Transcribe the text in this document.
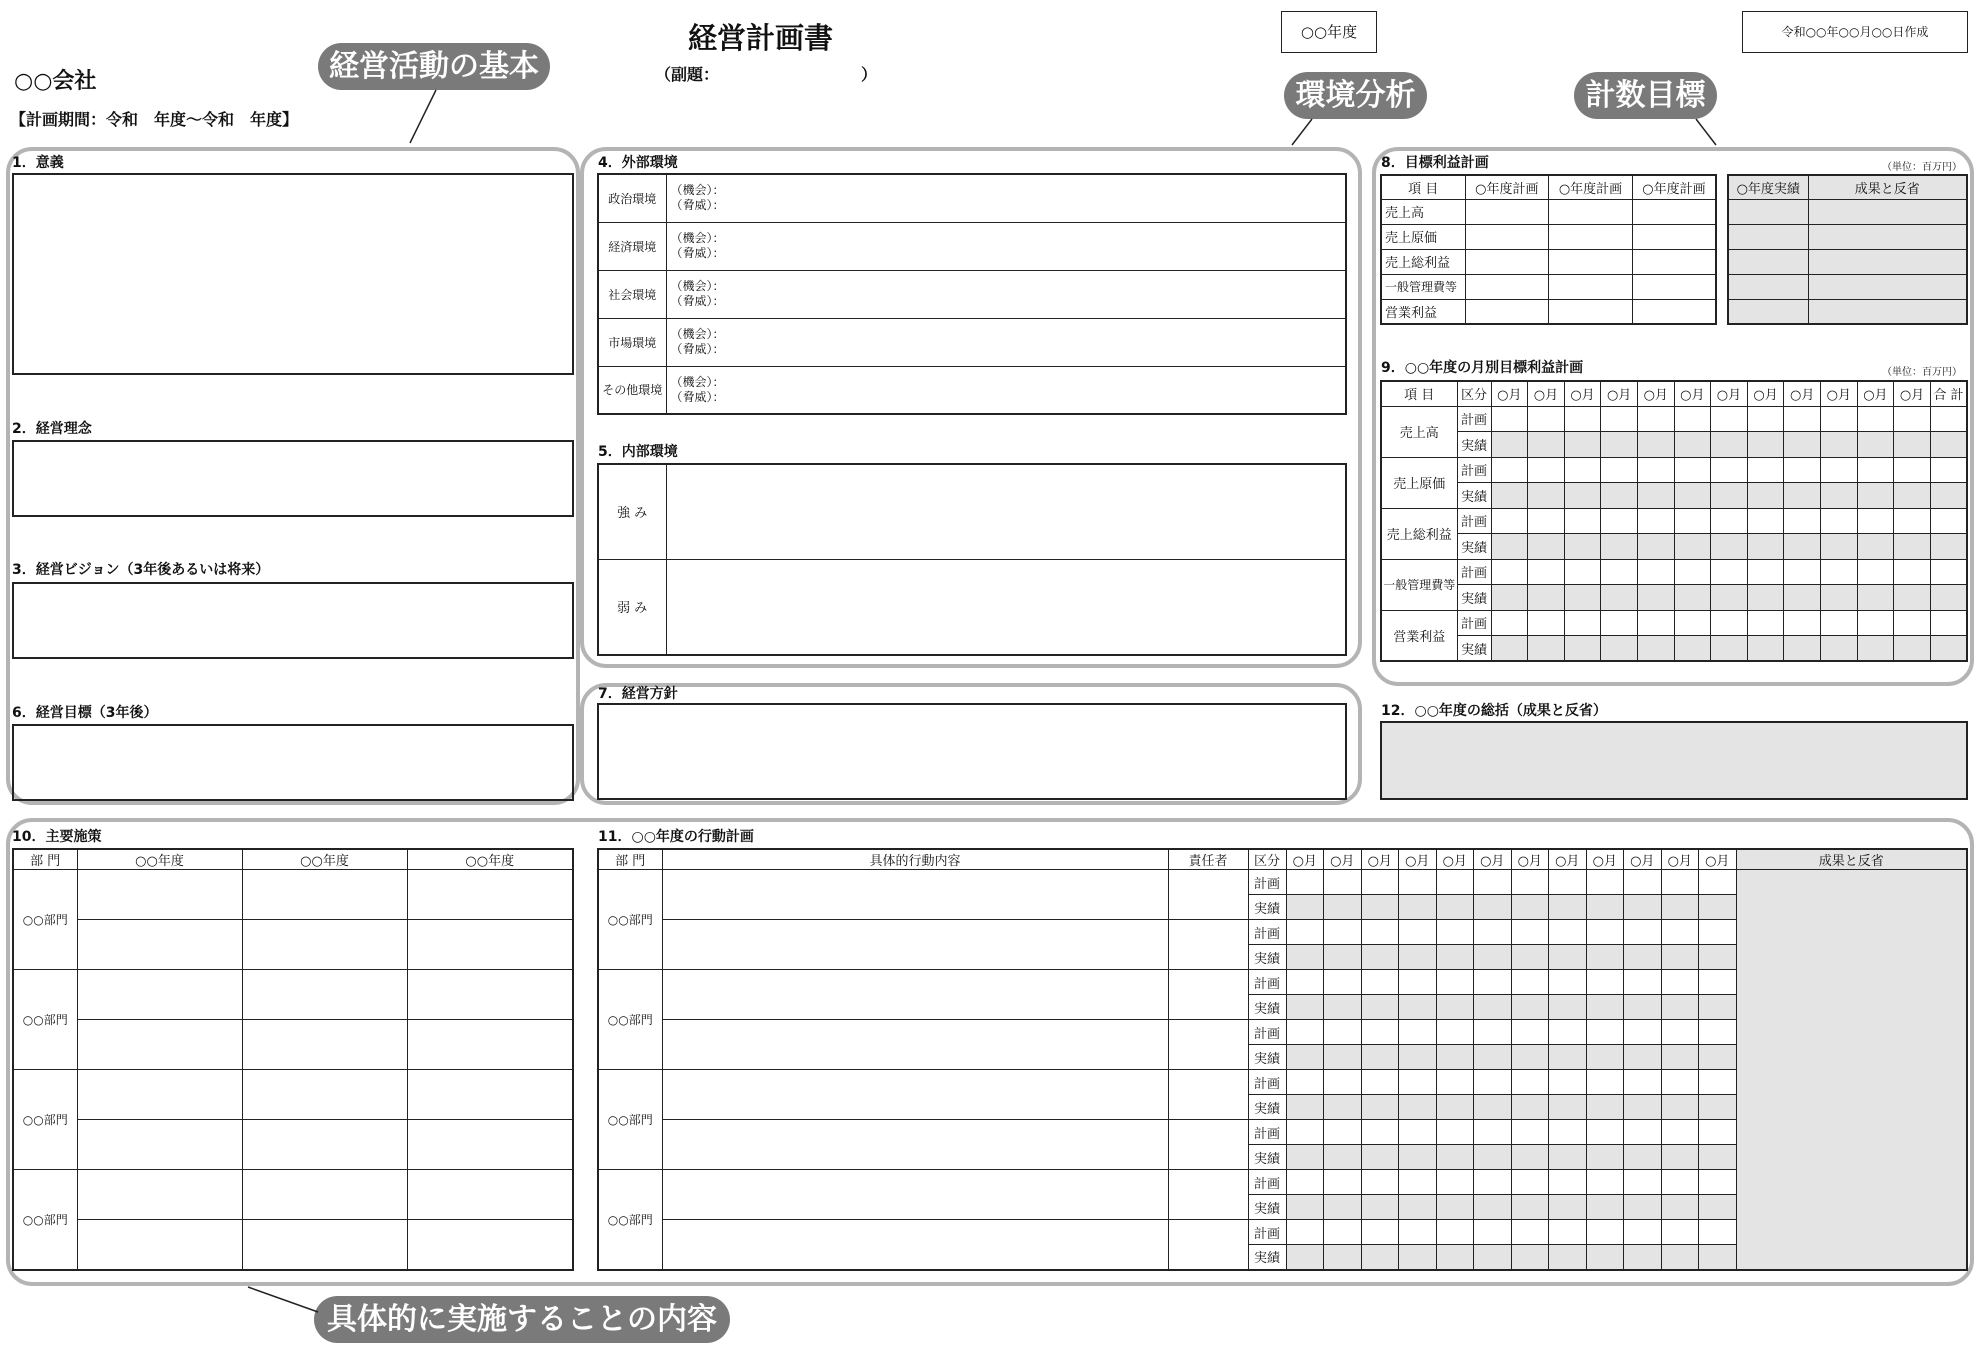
経営計画書
（副題：	）
○○会社
【計画期間：令和　年度～令和　年度】
○○年度	令和○○年○○月○○日作成
経営活動の基本
環境分析	計数目標
具体的に実施することの内容
1．意義
2．経営理念
3．経営ビジョン（3年後あるいは将来）
6．経営目標（3年後）
4．外部環境
政治環境	（機会）：
（脅威）：

経済環境	（機会）：
（脅威）：

社会環境	（機会）：
（脅威）：

市場環境	（機会）：
（脅威）：

その他環境	（機会）：
（脅威）：
5．内部環境
強 み	
弱 み	
7．経営方針
8．目標利益計画	（単位：百万円）
項 目	○年度計画	○年度計画	○年度計画
売上高			
売上原価			
売上総利益			
一般管理費等			
営業利益			
○年度実績	成果と反省

9．○○年度の月別目標利益計画	（単位：百万円）
項 目	区分	○月	○月	○月	○月	○月	○月	○月	○月	○月	○月	○月	○月	合 計
売上高	計画													
	実績													
売上原価	計画													
	実績													
売上総利益	計画													
	実績													
一般管理費等	計画													
	実績													
営業利益	計画													
	実績													
12．○○年度の総括（成果と反省）
10．主要施策
部 門	○○年度	○○年度	○○年度
○○部門			

○○部門			

○○部門			

○○部門			

11．○○年度の行動計画
部 門	具体的行動内容	責任者	区分	○月	○月	○月	○月	○月	○月	○月	○月	○月	○月	○月	○月	成果と反省
○○部門			計画													
			実績													
			計画													
			実績													
○○部門			計画													
			実績													
			計画													
			実績													
○○部門			計画													
			実績													
			計画													
			実績													
○○部門			計画													
			実績													
			計画													
			実績													
